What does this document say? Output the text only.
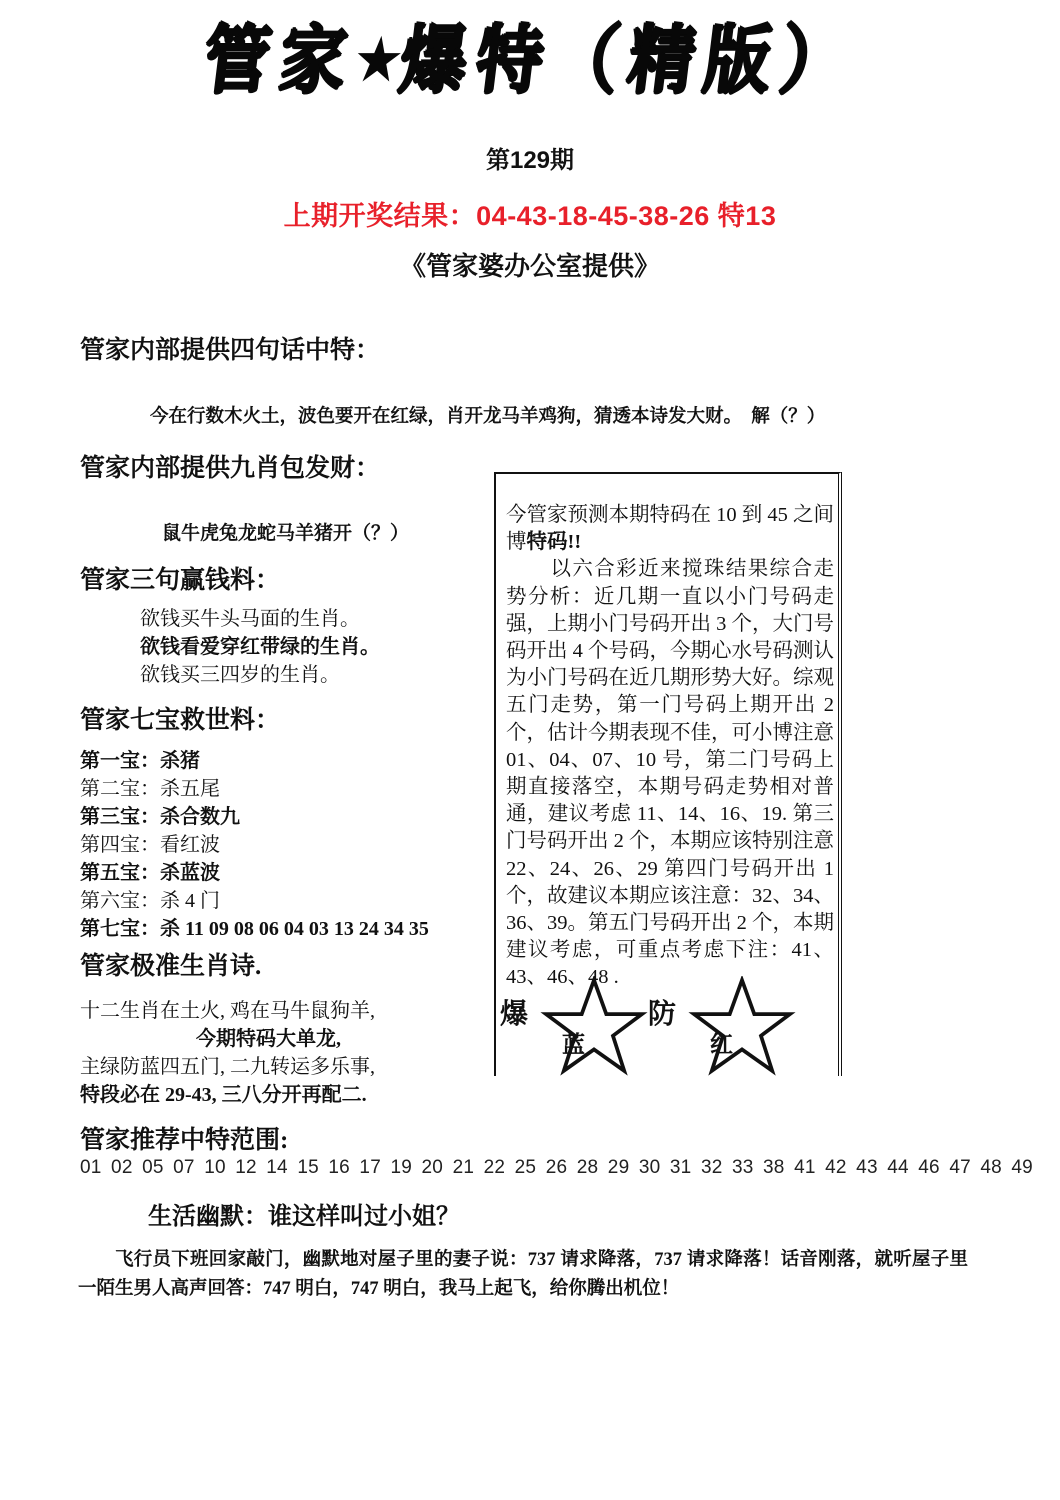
管家★爆特（精版）
第129期
上期开奖结果：04-43-18-45-38-26 特13
《管家婆办公室提供》
管家内部提供四句话中特：
今在行数木火土，波色要开在红绿，肖开龙马羊鸡狗，猜透本诗发大财。　解（？）
管家内部提供九肖包发财：
鼠牛虎兔龙蛇马羊猪开（？）
管家三句赢钱料：
欲钱买牛头马面的生肖。
欲钱看爱穿红带绿的生肖。
欲钱买三四岁的生肖。
管家七宝救世料：
第一宝：杀猪
第二宝：杀五尾
第三宝：杀合数九
第四宝：看红波
第五宝：杀蓝波
第六宝：杀 4 门
第七宝：杀 11 09 08 06 04 03 13 24 34 35
管家极准生肖诗.
十二生肖在土火, 鸡在马牛鼠狗羊,
今期特码大单龙,
主绿防蓝四五门, 二九转运多乐事,
特段必在 29-43, 三八分开再配二.
今管家预测本期特码在 10 到 45 之间博特码!!
以六合彩近来搅珠结果综合走势分析：近几期一直以小门号码走强，上期小门号码开出 3 个，大门号码开出 4 个号码，今期心水号码测认为小门号码在近几期形势大好。综观五门走势，第一门号码上期开出 2 个，估计今期表现不佳，可小博注意 01、04、07、10 号，第二门号码上期直接落空，本期号码走势相对普通，建议考虑 11、14、16、19. 第三门号码开出 2 个，本期应该特别注意 22、24、26、29 第四门号码开出 1 个，故建议本期应该注意：32、34、36、39。第五门号码开出 2 个，本期建议考虑，可重点考虑下注：41、43、46、48 .
爆
蓝
防
红
管家推荐中特范围:
01 02 05 07 10 12 14 15 16 17 19 20 21 22 25 26 28 29 30 31 32 33 38 41 42 43 44 46 47 48 49
生活幽默：谁这样叫过小姐？
飞行员下班回家敲门，幽默地对屋子里的妻子说：737 请求降落，737 请求降落！话音刚落，就听屋子里一陌生男人高声回答：747 明白，747 明白，我马上起飞，给你腾出机位！
